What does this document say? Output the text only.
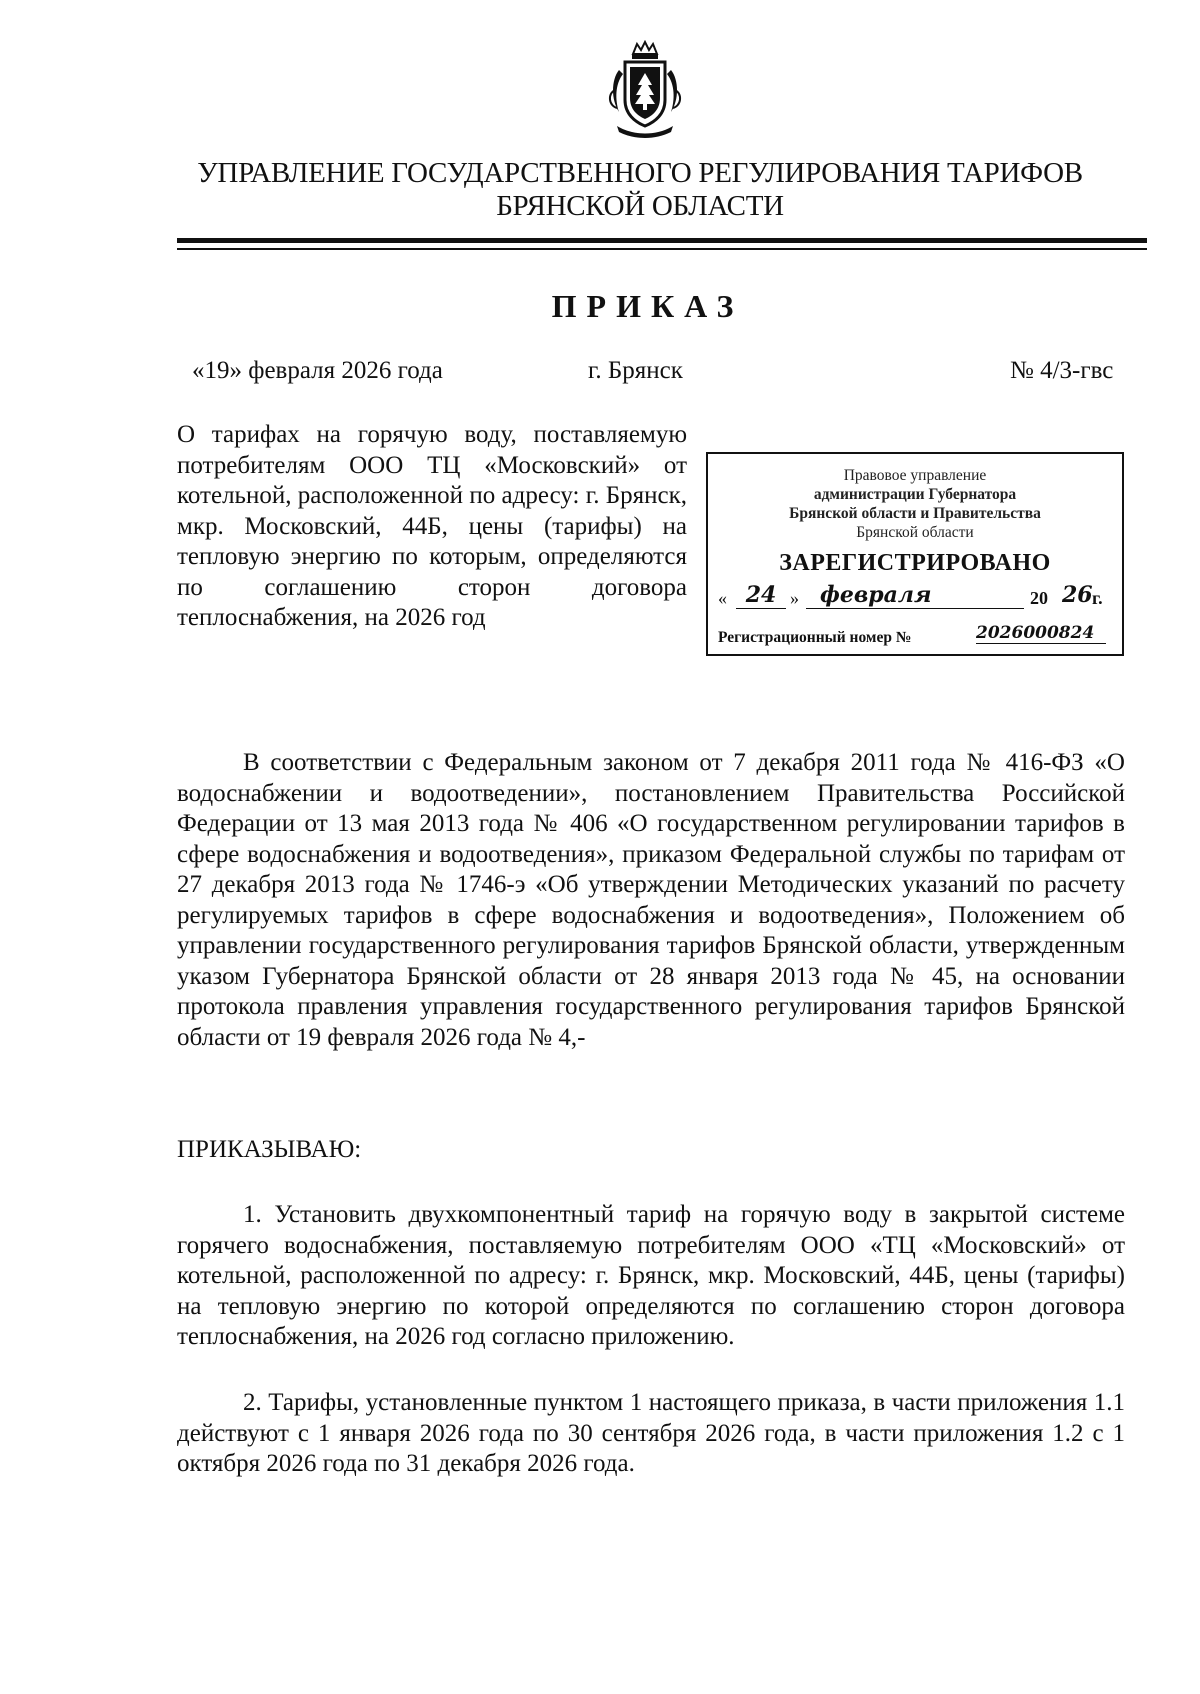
УПРАВЛЕНИЕ ГОСУДАРСТВЕННОГО РЕГУЛИРОВАНИЯ ТАРИФОВ
БРЯНСКОЙ ОБЛАСТИ
ПРИКАЗ
«19» февраля 2026 года	г. Брянск	№ 4/3-гвс
О тарифах на горячую воду, поставляемую потребителям ООО ТЦ «Московский» от котельной, расположенной по адресу: г. Брянск, мкр. Московский, 44Б, цены (тарифы) на тепловую энергию по которым, определяются по соглашению сторон договора теплоснабжения, на 2026 год
Правовое управление
администрации Губернатора
Брянской области и Правительства
Брянской области
ЗАРЕГИСТРИРОВАНО
« 24 » февраля	20 26 г.
Регистрационный номер №	2026000824

В соответствии с Федеральным законом от 7 декабря 2011 года № 416-ФЗ «О водоснабжении и водоотведении», постановлением Правительства Российской Федерации от 13 мая 2013 года № 406 «О государственном регулировании тарифов в сфере водоснабжения и водоотведения», приказом Федеральной службы по тарифам от 27 декабря 2013 года № 1746-э «Об утверждении Методических указаний по расчету регулируемых тарифов в сфере водоснабжения и водоотведения», Положением об управлении государственного регулирования тарифов Брянской области, утвержденным указом Губернатора Брянской области от 28 января 2013 года № 45, на основании протокола правления управления государственного регулирования тарифов Брянской области от 19 февраля 2026 года № 4,-

ПРИКАЗЫВАЮ:

1. Установить двухкомпонентный тариф на горячую воду в закрытой системе горячего водоснабжения, поставляемую потребителям ООО «ТЦ «Московский» от котельной, расположенной по адресу: г. Брянск, мкр. Московский, 44Б, цены (тарифы) на тепловую энергию по которой определяются по соглашению сторон договора теплоснабжения, на 2026 год согласно приложению.

2. Тарифы, установленные пунктом 1 настоящего приказа, в части приложения 1.1 действуют с 1 января 2026 года по 30 сентября 2026 года, в части приложения 1.2 с 1 октября 2026 года по 31 декабря 2026 года.
